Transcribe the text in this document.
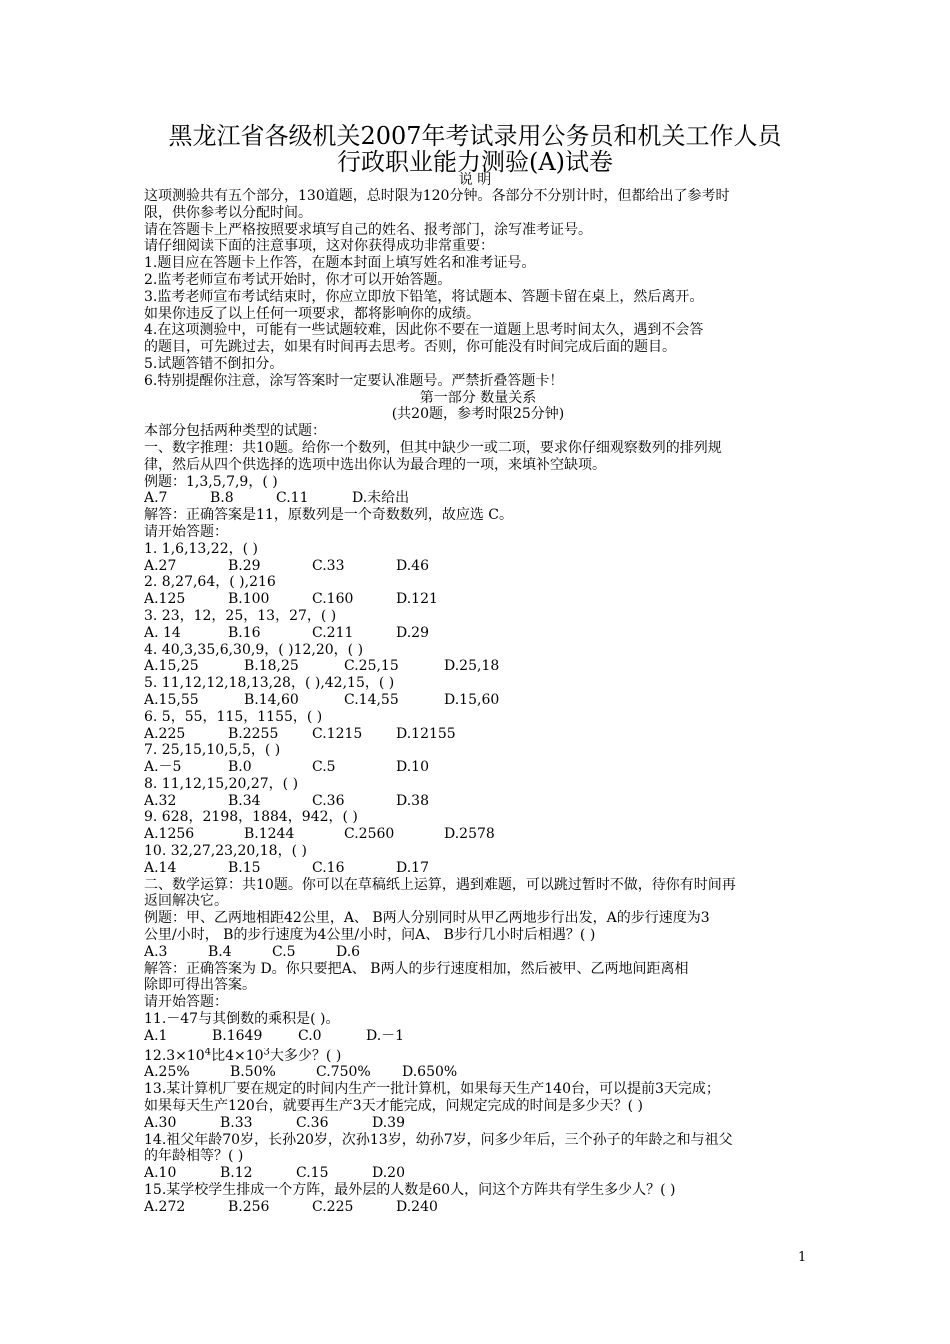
黑龙江省各级机关2007年考试录用公务员和机关工作人员
行政职业能力测验(A)试卷
说 明
这项测验共有五个部分，130道题，总时限为120分钟。各部分不分别计时，但都给出了参考时
限，供你参考以分配时间。
请在答题卡上严格按照要求填写自己的姓名、报考部门，涂写准考证号。
请仔细阅读下面的注意事项，这对你获得成功非常重要：
1.题目应在答题卡上作答，在题本封面上填写姓名和准考证号。
2.监考老师宣布考试开始时，你才可以开始答题。
3.监考老师宣布考试结束时，你应立即放下铅笔，将试题本、答题卡留在桌上，然后离开。
如果你违反了以上任何一项要求，都将影响你的成绩。
4.在这项测验中，可能有一些试题较难，因此你不要在一道题上思考时间太久，遇到不会答
的题目，可先跳过去，如果有时间再去思考。否则，你可能没有时间完成后面的题目。
5.试题答错不倒扣分。
6.特别提醒你注意，涂写答案时一定要认准题号。严禁折叠答题卡！
第一部分 数量关系
(共20题，参考时限25分钟)
本部分包括两种类型的试题：
一、数字推理：共10题。给你一个数列，但其中缺少一或二项，要求你仔细观察数列的排列规
律，然后从四个供选择的选项中选出你认为最合理的一项，来填补空缺项。
例题：1,3,5,7,9，( )
A.7	B.8	C.11	D.未给出
解答：正确答案是11，原数列是一个奇数数列，故应选 C。
请开始答题：
1. 1,6,13,22，( )
A.27	B.29	C.33	D.46
2. 8,27,64，( ),216
A.125	B.100	C.160	D.121
3. 23，12，25，13，27，( )
A. 14	B.16	C.211	D.29
4. 40,3,35,6,30,9，( )12,20，( )
A.15,25	B.18,25	C.25,15	D.25,18
5. 11,12,12,18,13,28，( ),42,15，( )
A.15,55	B.14,60	C.14,55	D.15,60
6. 5，55，115，1155，( )
A.225	B.2255 C.1215 D.12155
7. 25,15,10,5,5，( )
A.－5	B.0	C.5	D.10
8. 11,12,15,20,27，( )
A.32	B.34	C.36	D.38
9. 628，2198，1884，942，( )
A.1256	B.1244	C.2560	D.2578
10. 32,27,23,20,18，( )
A.14	B.15	C.16	D.17
二、数学运算：共10题。你可以在草稿纸上运算，遇到难题，可以跳过暂时不做，待你有时间再
返回解决它。
例题：甲、乙两地相距42公里，A、 B两人分别同时从甲乙两地步行出发，A的步行速度为3
公里/小时， B的步行速度为4公里/小时，问A、 B步行几小时后相遇？( )
A.3	B.4	C.5	D.6
解答：正确答案为 D。你只要把A、 B两人的步行速度相加，然后被甲、乙两地间距离相
除即可得出答案。
请开始答题：
11.－47与其倒数的乘积是( )。
A.1	B.1649	C.0	D.－1
$12.3\times 10^4$比$4\times 10^3$大多少？( )
A.25%	B.50%	C.750% D.650%
13.某计算机厂要在规定的时间内生产一批计算机，如果每天生产140台，可以提前3天完成；
如果每天生产120台，就要再生产3天才能完成，问规定完成的时间是多少天？( )
A.30	B.33	C.36	D.39
14.祖父年龄70岁，长孙20岁，次孙13岁，幼孙7岁，问多少年后，三个孙子的年龄之和与祖父
的年龄相等？( )
A.10	B.12	C.15	D.20
15.某学校学生排成一个方阵，最外层的人数是60人，问这个方阵共有学生多少人？( )
A.272	B.256	C.225	D.240
1
